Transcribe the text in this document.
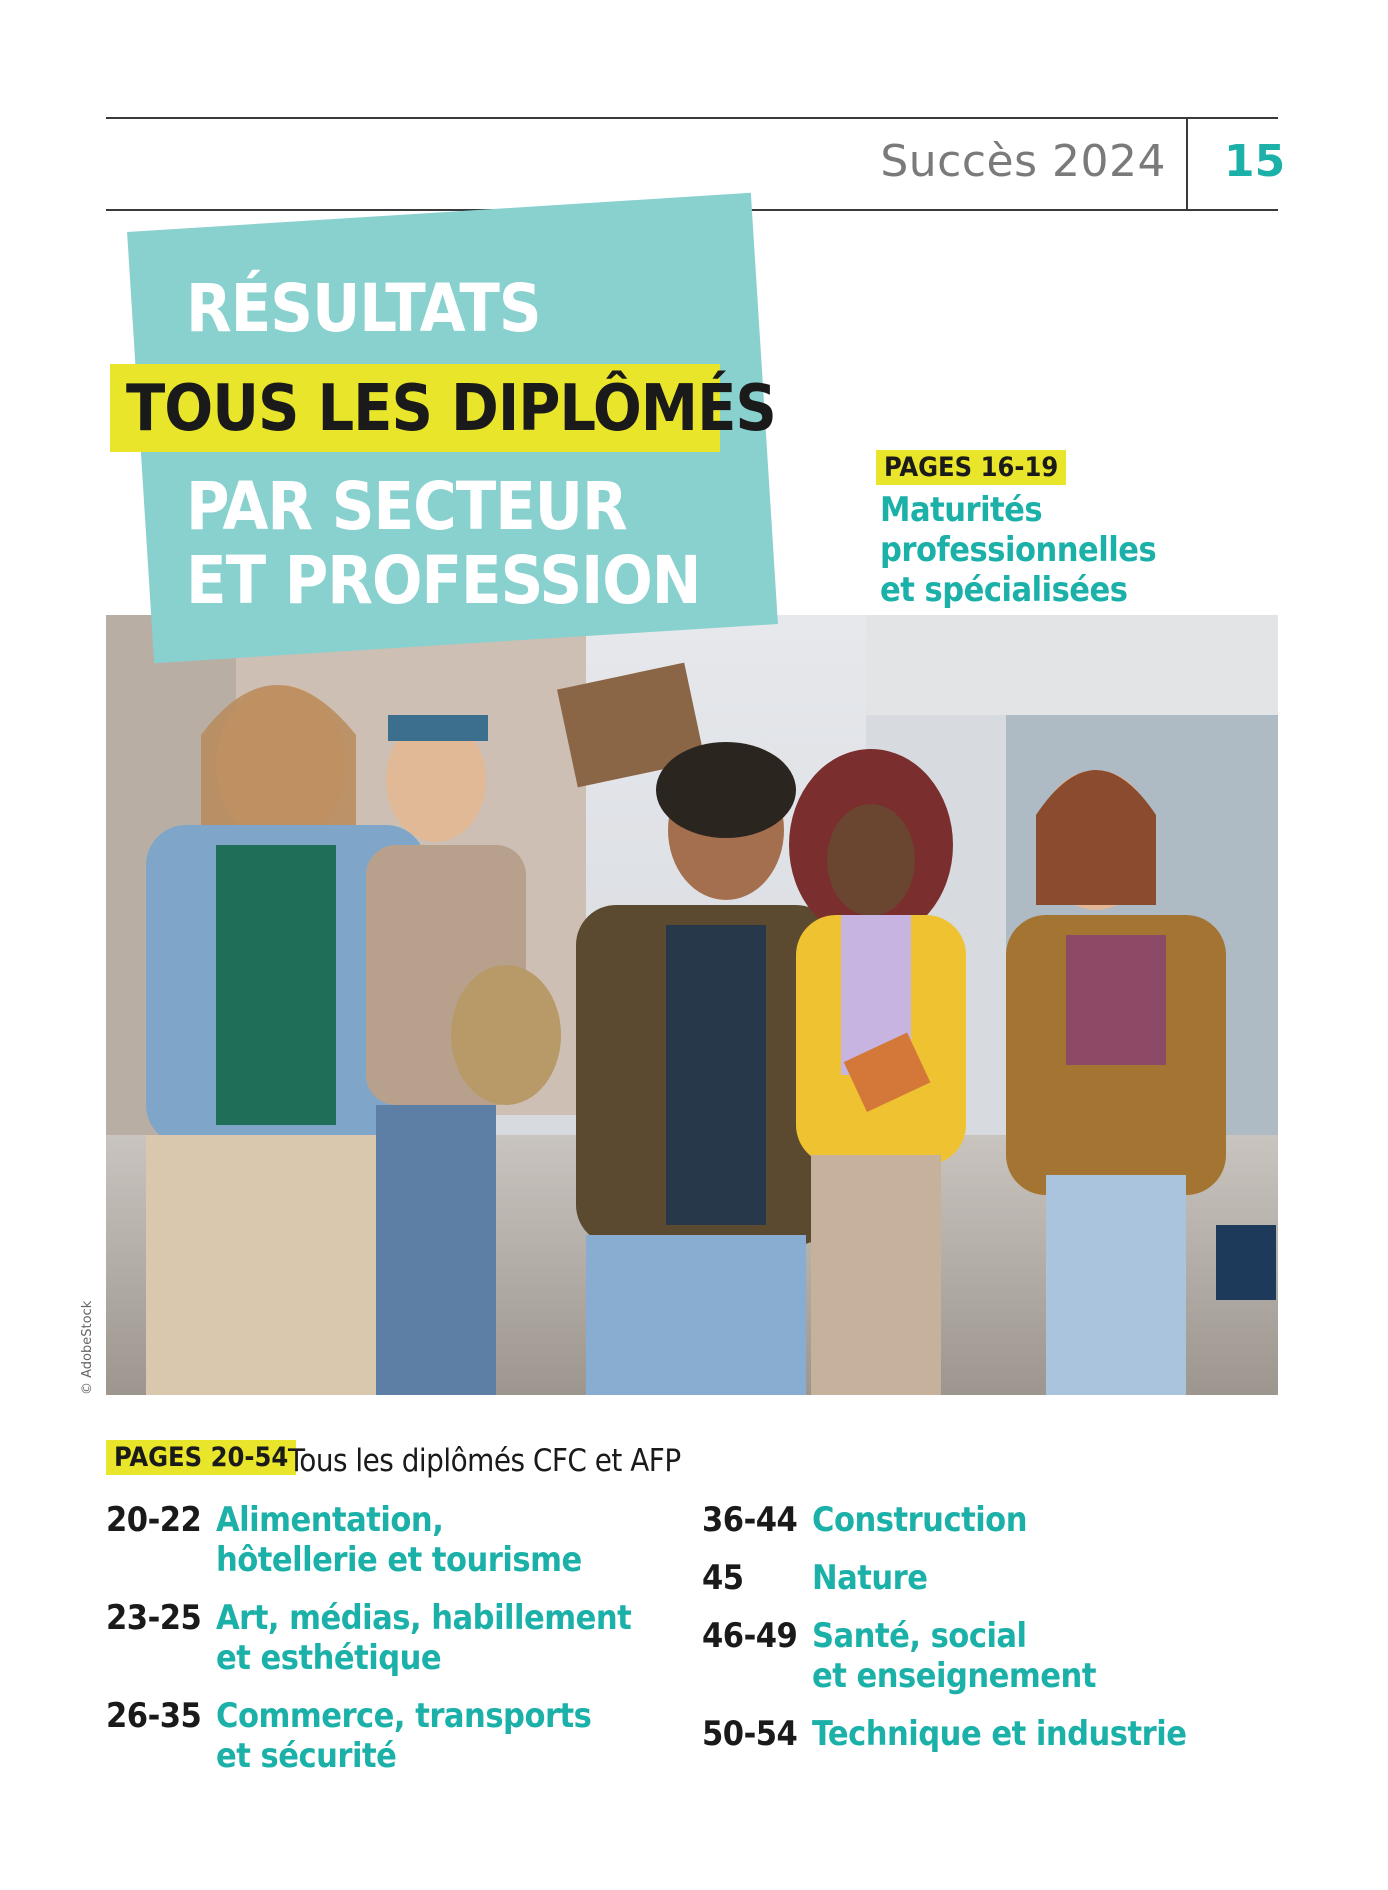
Succès 2024 15
© AdobeStock
RÉSULTATS
TOUS LES DIPLÔMÉS
PAR SECTEUR
ET PROFESSION
PAGES 16-19
Maturités professionnelles
et spécialisées
PAGES 20-54 Tous les diplômés CFC et AFP
20-22 Alimentation,
hôtellerie et tourisme
23-25 Art, médias, habillement
et esthétique
26-35 Commerce, transports
et sécurité
36-44 Construction
45	Nature
46-49 Santé, social
et enseignement
50-54 Technique et industrie
